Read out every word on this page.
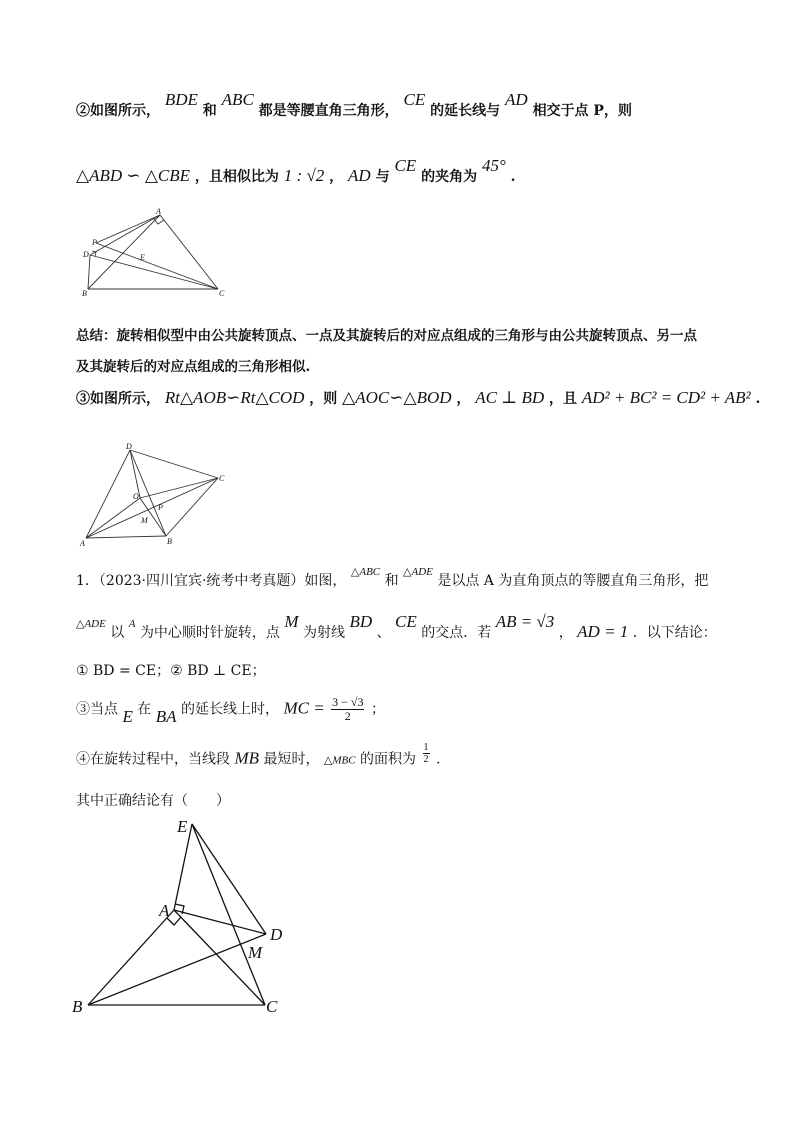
②如图所示， BDE 和 ABC 都是等腰直角三角形， CE 的延长线与 AD 相交于点 P，则
△ABD ∽ △CBE ，且相似比为 1 : √2 ， AD 与 CE 的夹角为 45° .
A
P
D	E
B	C
总结：旋转相似型中由公共旋转顶点、一点及其旋转后的对应点组成的三角形与由公共旋转顶点、另一点
及其旋转后的对应点组成的三角形相似.
③如图所示， Rt△AOB∽Rt△COD ，则 △AOC∽△BOD ， AC ⊥ BD ，且 AD² + BC² = CD² + AB² .
D
C
O
P
M
A	B
1．（2023·四川宜宾·统考中考真题）如图， $^{\triangle ABC}$ 和 $^{\triangle ADE}$ 是以点 A 为直角顶点的等腰直角三角形，把
$^{\triangle ADE}$ 以 $^A$ 为中心顺时针旋转，点 M 为射线 BD 、 CE 的交点．若 AB = √3 ， AD = 1 ．以下结论：
① BD = CE；② BD ⊥ CE；
③当点 E 在 BA 的延长线上时， MC = $\frac{3 - √3}{2}$ ；
④在旋转过程中，当线段 MB 最短时， △MBC 的面积为 $\frac{1}{2}$ .
其中正确结论有（　　）
E
A
D
M
B	C
